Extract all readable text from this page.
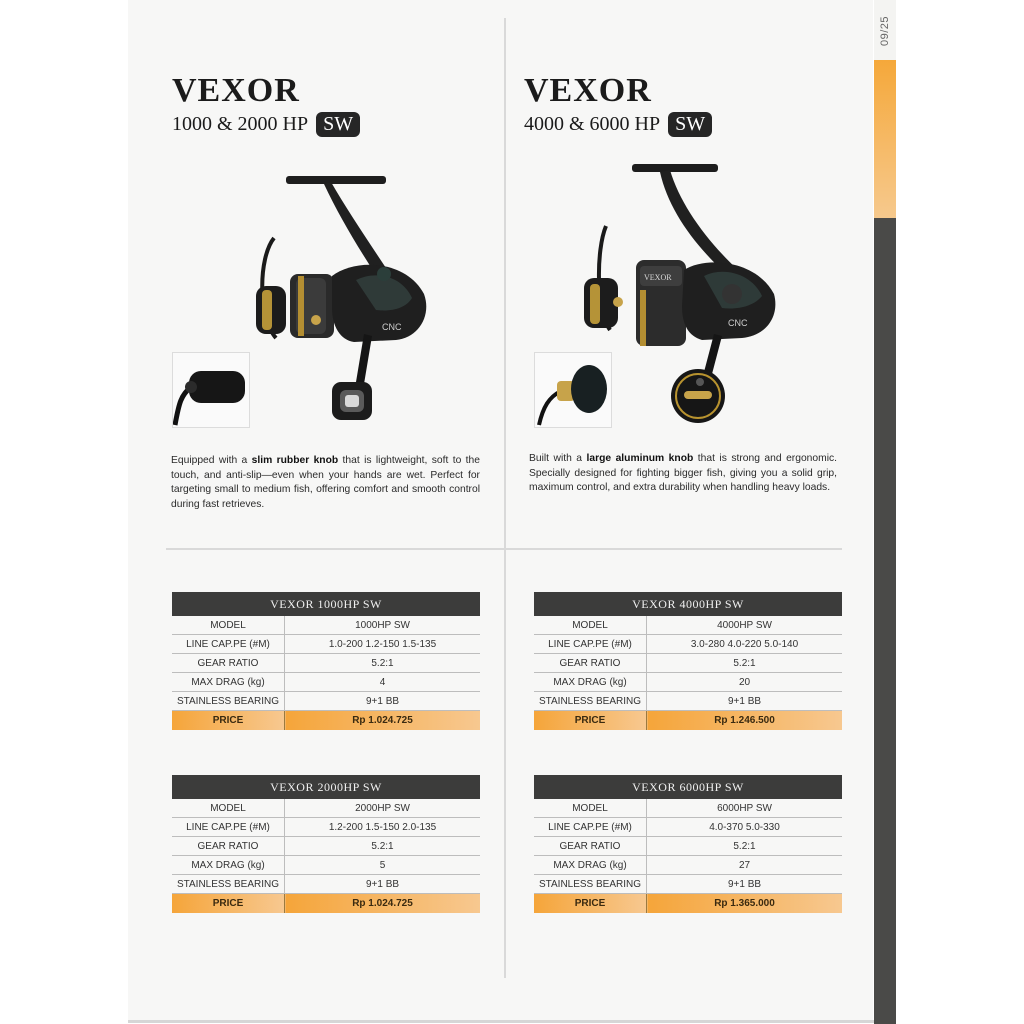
09/25
VEXOR
1000 & 2000 HP SW
VEXOR
4000 & 6000 HP SW
CNC
VEXOR
CNC
Equipped with a slim rubber knob that is lightweight, soft to the touch, and anti-slip—even when your hands are wet. Perfect for targeting small to medium fish, offering comfort and smooth control during fast retrieves.
Built with a large aluminum knob that is strong and ergonomic. Specially designed for fighting bigger fish, giving you a solid grip, maximum control, and extra durability when handling heavy loads.
VEXOR 1000HP SW	
MODEL	1000HP SW
LINE CAP.PE (#M)	1.0-200 1.2-150 1.5-135
GEAR RATIO	5.2:1
MAX DRAG (kg)	4
STAINLESS BEARING	9+1 BB
PRICE	Rp 1.024.725
VEXOR 2000HP SW	
MODEL	2000HP SW
LINE CAP.PE (#M)	1.2-200 1.5-150 2.0-135
GEAR RATIO	5.2:1
MAX DRAG (kg)	5
STAINLESS BEARING	9+1 BB
PRICE	Rp 1.024.725
VEXOR 4000HP SW	
MODEL	4000HP SW
LINE CAP.PE (#M)	3.0-280 4.0-220 5.0-140
GEAR RATIO	5.2:1
MAX DRAG (kg)	20
STAINLESS BEARING	9+1 BB
PRICE	Rp 1.246.500
VEXOR 6000HP SW	
MODEL	6000HP SW
LINE CAP.PE (#M)	4.0-370 5.0-330
GEAR RATIO	5.2:1
MAX DRAG (kg)	27
STAINLESS BEARING	9+1 BB
PRICE	Rp 1.365.000
